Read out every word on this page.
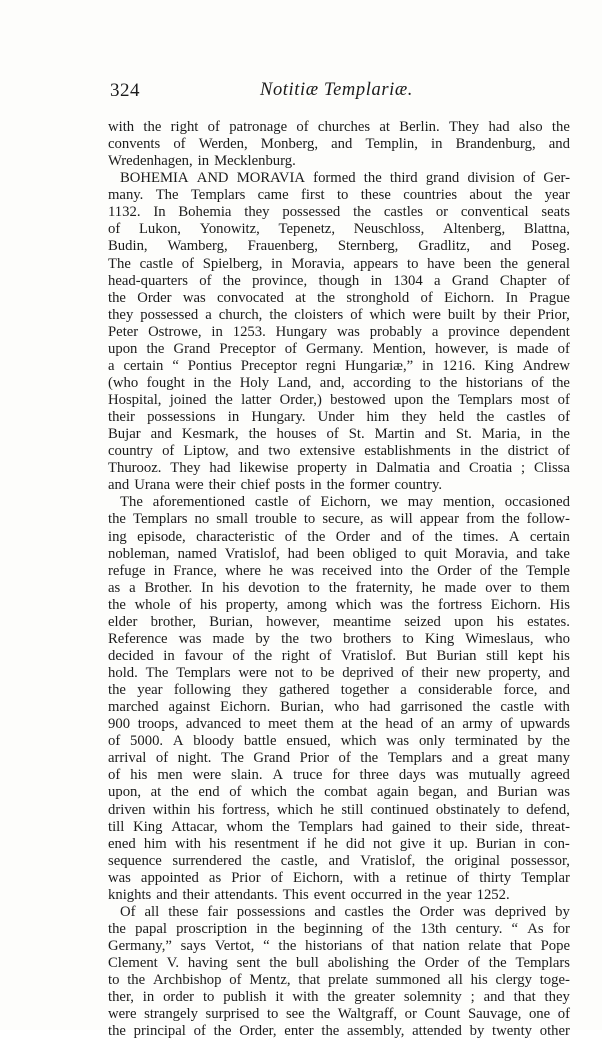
324	Notitiæ Templariæ.
with the right of patronage of churches at Berlin. They had also the
convents of Werden, Monberg, and Templin, in Brandenburg, and
Wredenhagen, in Mecklenburg.
BOHEMIA AND MORAVIA formed the third grand division of Ger-
many. The Templars came first to these countries about the year
1132. In Bohemia they possessed the castles or conventical seats
of Lukon, Yonowitz, Tepenetz, Neuschloss, Altenberg, Blattna,
Budin, Wamberg, Frauenberg, Sternberg, Gradlitz, and Poseg.
The castle of Spielberg, in Moravia, appears to have been the general
head-quarters of the province, though in 1304 a Grand Chapter of
the Order was convocated at the stronghold of Eichorn. In Prague
they possessed a church, the cloisters of which were built by their Prior,
Peter Ostrowe, in 1253. Hungary was probably a province dependent
upon the Grand Preceptor of Germany. Mention, however, is made of
a certain “ Pontius Preceptor regni Hungariæ,” in 1216. King Andrew
(who fought in the Holy Land, and, according to the historians of the
Hospital, joined the latter Order,) bestowed upon the Templars most of
their possessions in Hungary. Under him they held the castles of
Bujar and Kesmark, the houses of St. Martin and St. Maria, in the
country of Liptow, and two extensive establishments in the district of
Thurooz. They had likewise property in Dalmatia and Croatia ; Clissa
and Urana were their chief posts in the former country.
The aforementioned castle of Eichorn, we may mention, occasioned
the Templars no small trouble to secure, as will appear from the follow-
ing episode, characteristic of the Order and of the times. A certain
nobleman, named Vratislof, had been obliged to quit Moravia, and take
refuge in France, where he was received into the Order of the Temple
as a Brother. In his devotion to the fraternity, he made over to them
the whole of his property, among which was the fortress Eichorn. His
elder brother, Burian, however, meantime seized upon his estates.
Reference was made by the two brothers to King Wimeslaus, who
decided in favour of the right of Vratislof. But Burian still kept his
hold. The Templars were not to be deprived of their new property, and
the year following they gathered together a considerable force, and
marched against Eichorn. Burian, who had garrisoned the castle with
900 troops, advanced to meet them at the head of an army of upwards
of 5000. A bloody battle ensued, which was only terminated by the
arrival of night. The Grand Prior of the Templars and a great many
of his men were slain. A truce for three days was mutually agreed
upon, at the end of which the combat again began, and Burian was
driven within his fortress, which he still continued obstinately to defend,
till King Attacar, whom the Templars had gained to their side, threat-
ened him with his resentment if he did not give it up. Burian in con-
sequence surrendered the castle, and Vratislof, the original possessor,
was appointed as Prior of Eichorn, with a retinue of thirty Templar
knights and their attendants. This event occurred in the year 1252.
Of all these fair possessions and castles the Order was deprived by
the papal proscription in the beginning of the 13th century. “ As for
Germany,” says Vertot, “ the historians of that nation relate that Pope
Clement V. having sent the bull abolishing the Order of the Templars
to the Archbishop of Mentz, that prelate summoned all his clergy toge-
ther, in order to publish it with the greater solemnity ; and that they
were strangely surprised to see the Waltgraff, or Count Sauvage, one of
the principal of the Order, enter the assembly, attended by twenty other
